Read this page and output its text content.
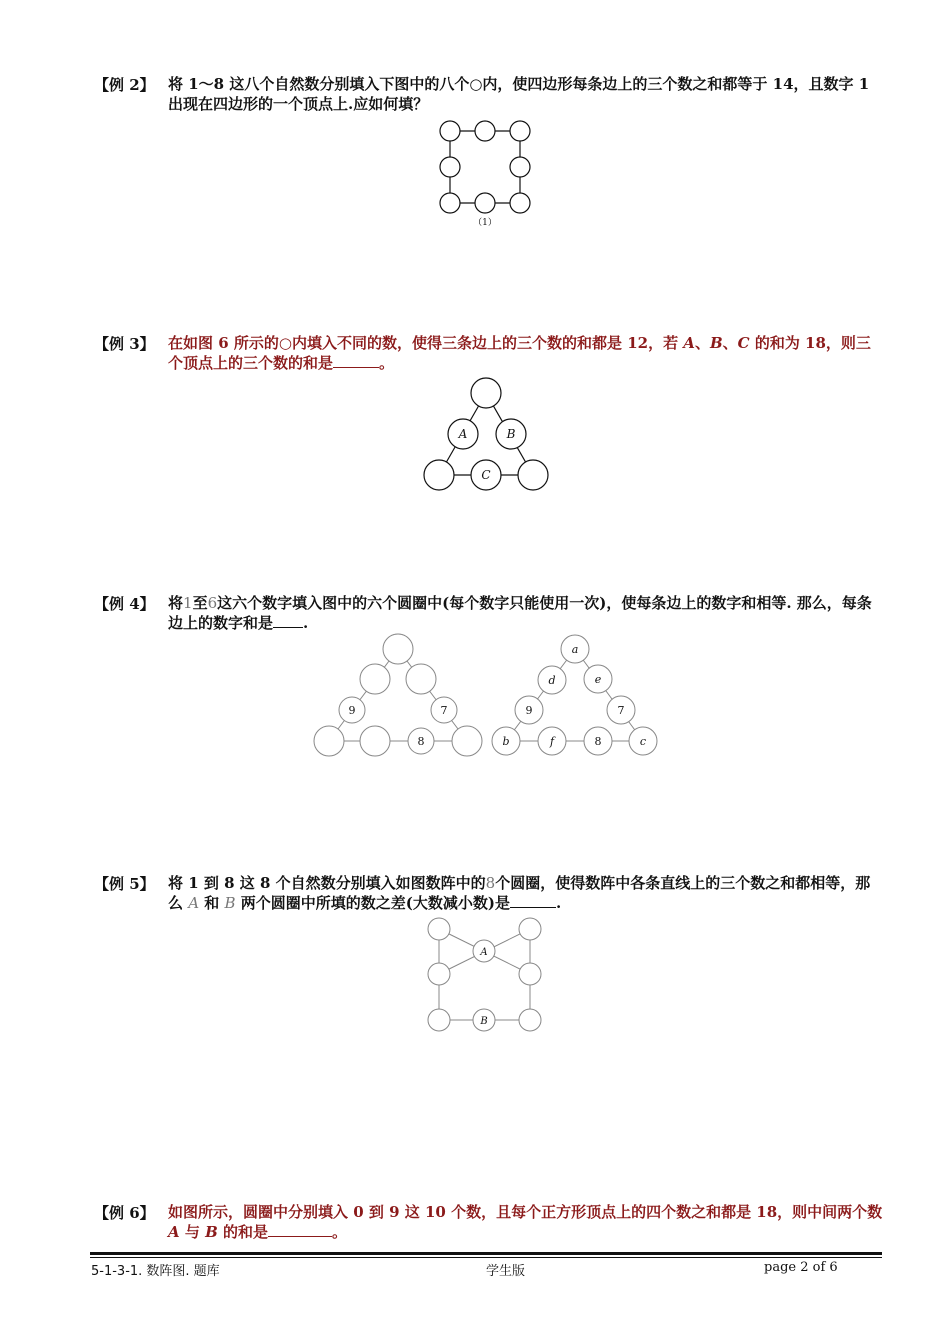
【例 2】 将 1～8 这八个自然数分别填入下图中的八个○内，使四边形每条边上的三个数之和都等于 14，且数字 1 出现在四边形的一个顶点上.应如何填？
（1）
【例 3】 在如图 6 所示的○内填入不同的数，使得三条边上的三个数的和都是 12，若 A、B、C 的和为 18，则三个顶点上的三个数的和是	。
A	B
C
【例 4】 将1至6这六个数字填入图中的六个圆圈中(每个数字只能使用一次)，使每条边上的数字和相等. 那么，每条边上的数字和是 .
9	7
8
a
d	e
9	7
b	f	8	c
【例 5】 将 1 到 8 这 8 个自然数分别填入如图数阵中的8个圆圈，使得数阵中各条直线上的三个数之和都相等，那么 A 和 B 两个圆圈中所填的数之差(大数减小数)是	.
A
B
【例 6】 如图所示，圆圈中分别填入 0 到 9 这 10 个数，且每个正方形顶点上的四个数之和都是 18，则中间两个数 A 与 B 的和是	。
5-1-3-1. 数阵图. 题库	学生版	page 2 of 6
